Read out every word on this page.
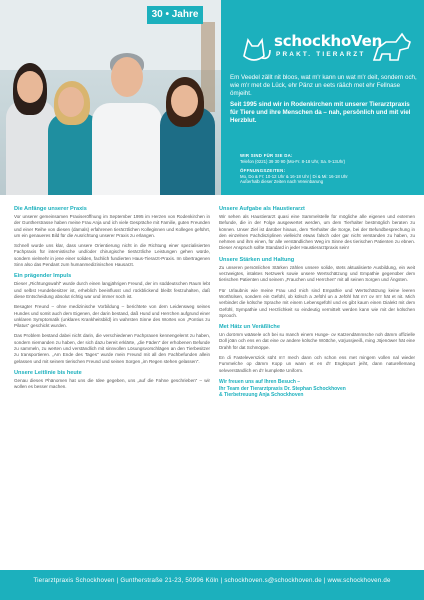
30 • Jahre
schockhoVen
PRAKT. TIERARZT

Em Veedel zällt nit bloos, wat m'r kann un wat m'r deit, sondern och, wie m'r met de Lück, ehr Pänz un eets rääch met ehr Fellnase ömjeiht.

Seit 1995 sind wir in Rodenkirchen mit unserer Tierarztpraxis für Tiere und ihre Menschen da – nah, persönlich und mit viel Herzblut.

WIR SIND FÜR SIE DA:
Telefon (0221) 39 30 90 (Mo-Fr. 8-18 Uhr, Sa. 9-13Uhr)
ÖFFNUNGSZEITEN:
Mo, Do & Fr: 10-12 Uhr & 16-18 Uhr | Di & Mi: 16-18 Uhr
Außerhalb dieser Zeiten nach Vereinbarung
Die Anfänge unserer Praxis

Vor unserer gemeinsamen Praxiseröffnung im September 1995 im Herzen von Rodenkirchen in der Guntherstrasse haben meine Frau Anja und ich viele Gespräche mit Familie, guten Freunden und einer Reihe von diesen (damals) erfahrenen tierärztlichen Kolleginnen und Kollegen geführt, um ein genaueres Bild für die Ausrichtung unserer Praxis zu erlangen.

Schnell wurde uns klar, dass unsere Orientierung nicht in die Richtung einer spezialisierten Fachpraxis für internistische und/oder chirurgische tierärztliche Leistungen gehen würde, sondern vielmehr in jene einer soliden, fachlich fundierten Haus-Tierarzt-Praxis. Im übertragenen Sinn also das Pendant zum humanmedizinischen Hausarzt.

Ein prägender Impuls

Dieser „Richtungswahl" wurde durch einen langjährigen Freund, der im süddeutschen Raum lebt und selbst Hundebesitzer ist, erheblich beeinflusst und rückblickend bleibt festzuhalten, daß diese Entscheidung absolut richtig war und immer noch ist.

Besagter Freund – ohne medizinische Vorbildung – berichtete von dem Leidensweg seines Hundes und somit auch dem Eigenen, der darin bestand, daß Hund und Herrchen aufgrund einer unklaren Symptomatik (unklares Krankheitsbild) im wahrsten Sinne des Wortes von „Pontius zu Pilatus" geschickt wurden.

Das Problem bestand dabei nicht darin, die verschiedenen Fachpraxen kennengelernt zu haben, sondern niemanden zu haben, der sich dazu bereit erklärte, „die Fäden" der erhobenen Befunde zu sammeln, zu werten und verständlich mit sinnvollen Lösungsvorschlägen an den Tierbesitzer zu transportieren. „Am Ende des Tages" wurde mein Freund mit all den Fachbefunden allein gelassen und mit seinem tierischen Freund und seinen Sorgen „im Regen stehen gelassen".

Unsere Leitlinie bis heute

Genau dieses Phänomen hat uns die Idee gegeben, uns „auf die Fahne geschrieben" – wir wollen es besser machen.

Unsere Aufgabe als Haustierarzt

Wir sehen als Haustierarzt quasi eine Sammelstelle für mögliche alle eigenen und externen Befunde, die in der Folge ausgewertet werden, um dem Tierhalter bestmöglich beraten zu können. Unser Ziel ist darüber hinaus, dem Tierhalter die Sorge, bei der Befundbesprechung in den einzelnen Fachdisziplinen vielleicht etwas falsch oder gar nicht verstanden zu haben, zu nehmen und ihm einen, für alle verständlichen Weg im Sinne des tierischen Patienten zu ebnen. Dieser Anspruch sollte Standard in jeder Haustierarztpraxis sein!

Unsere Stärken und Haltung

Zu unseren persönlichen Stärken zählen unsere solide, stets aktualisierte Ausbildung, ein weit verzweigtes, intaktes Netzwerk sowie unsere Wertschätzung und Empathie gegenüber dem tierischen Patienten und seinem „Frauchen und Herrchen" mit all seinen Sorgen und Ängsten.

Für Urlaubnis wie meine Frau und mich sind Empathie und Wertschätzung keine leeren Worthülsen, sondern ein Gefühl, ob kölsch a Jeföhl un a Jeföhl hät m'r ov m'r hät et nit. Mich verbindet die kölsche Sprache mit einem Lebensgefühl und es gibt kaum einen Dialekt mit dem Gefühl, Sympathie und Herzlichkeit so eindeutig vermittelt werden kann wie mit der kölschen Sprooch.

Met Hätz un Veräßliche

Un dorömm wääsele och bei su manch einem Hunge- ov Katzendämmsche noh dämm offizielle Doll jöän och ens en dat eine ov andere kölsche Wöttche, vürjussjeeiß, ming Jöjenöwer hät eine Drahh för dat Schmöppe.

En di Fasteleverszick süht m'r mech dann och schon ens met mingem vollen nal wieder Fummelche op dämm Kopp un wann et en d'r Engkspurt jeiht, dann naturellemang selvverständlich en d'r kumplette Uniform.

Wir freuen uns auf Ihren Besuch –
Ihr Team der Tierarztpraxis Dr. Stephan Schockhoven
& Tierbetreuung Anja Schockhoven
Tierarztpraxis Schockhoven | Guntherstraße 21-23, 50996 Köln | schockhoven.s@schockhoven.de | www.schockhoven.de
